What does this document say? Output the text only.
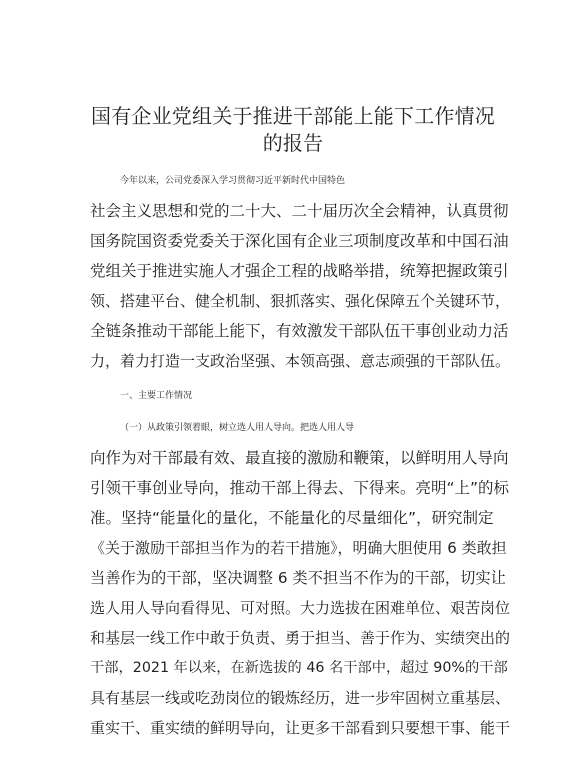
国有企业党组关于推进干部能上能下工作情况
的报告
今年以来，公司党委深入学习贯彻习近平新时代中国特色
社会主义思想和党的二十大、二十届历次全会精神，认真贯彻
国务院国资委党委关于深化国有企业三项制度改革和中国石油
党组关于推进实施人才强企工程的战略举措，统筹把握政策引
领、搭建平台、健全机制、狠抓落实、强化保障五个关键环节，
全链条推动干部能上能下，有效激发干部队伍干事创业动力活
力，着力打造一支政治坚强、本领高强、意志顽强的干部队伍。
一、主要工作情况
（一）从政策引领着眼，树立选人用人导向。把选人用人导
向作为对干部最有效、最直接的激励和鞭策，以鲜明用人导向
引领干事创业导向，推动干部上得去、下得来。亮明“上”的标
准。坚持“能量化的量化，不能量化的尽量细化”，研究制定
《关于激励干部担当作为的若干措施》，明确大胆使用 6 类敢担
当善作为的干部，坚决调整 6 类不担当不作为的干部，切实让
选人用人导向看得见、可对照。大力选拔在困难单位、艰苦岗位
和基层一线工作中敢于负责、勇于担当、善于作为、实绩突出的
干部，2021 年以来，在新选拔的 46 名干部中，超过 90%的干部
具有基层一线或吃劲岗位的锻炼经历，进一步牢固树立重基层、
重实干、重实绩的鲜明导向，让更多干部看到只要想干事、能干
